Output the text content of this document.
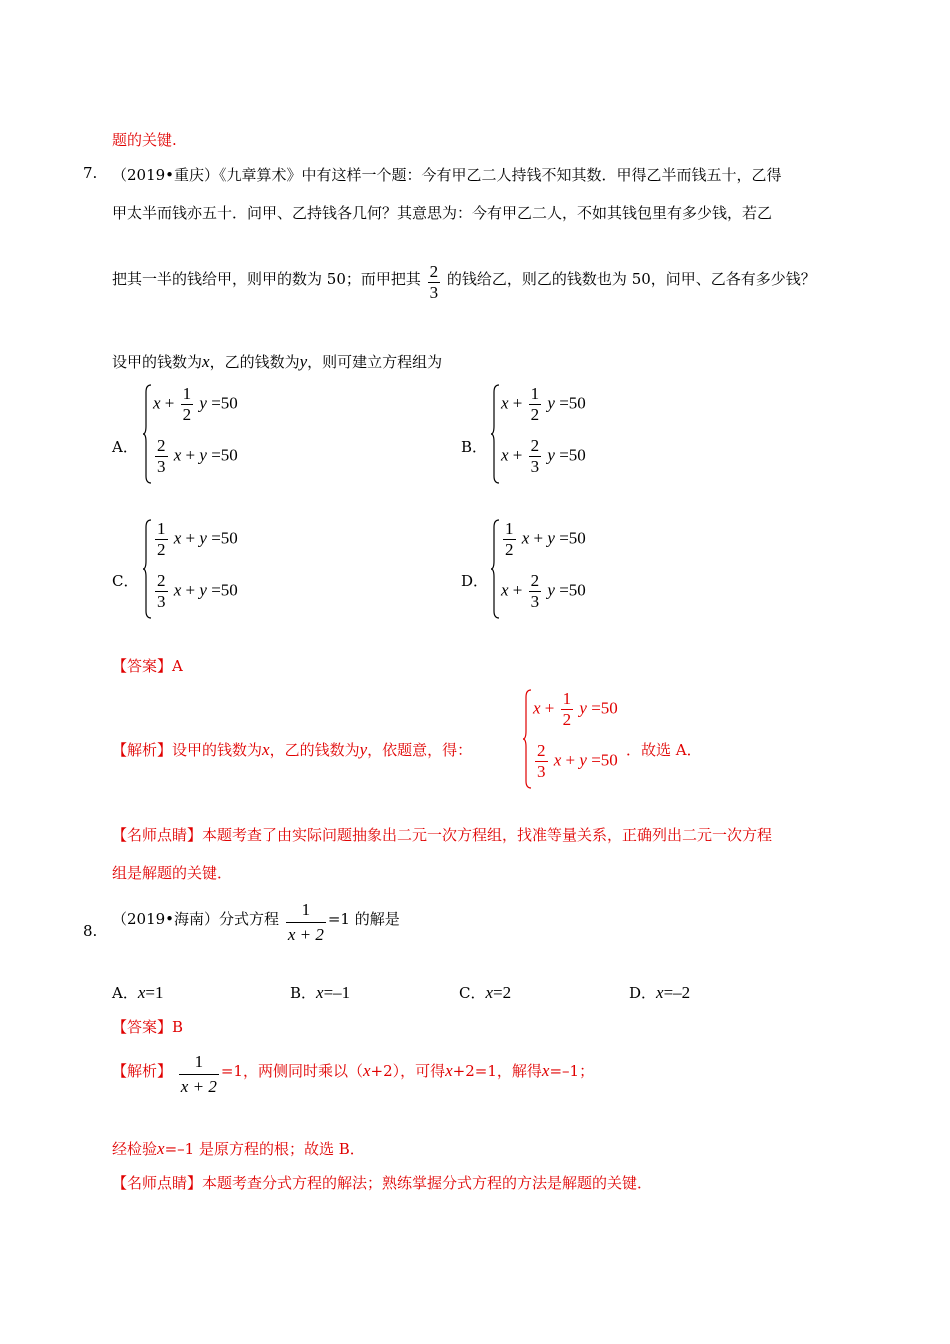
题的关键.
7. （2019•重庆）《九章算术》中有这样一个题：今有甲乙二人持钱不知其数．甲得乙半而钱五十，乙得
甲太半而钱亦五十．问甲、乙持钱各几何？其意思为：今有甲乙二人，不如其钱包里有多少钱，若乙
把其一半的钱给甲，则甲的数为 50；而甲把其 $\frac{2}{3}$ 的钱给乙，则乙的钱数也为 50，问甲、乙各有多少钱？
设甲的钱数为x，乙的钱数为y，则可建立方程组为
A．
$x + \frac{1}{2}$ y =50
$\frac{2}{3}$ x + y =50	B．
$x + \frac{1}{2}$ y =50
$x + \frac{2}{3}$ y =50
C．
$\frac{1}{2}$ x + y =50
$\frac{2}{3}$ x + y =50	D．
$\frac{1}{2}$ x + y =50
$x + \frac{2}{3}$ y =50
【答案】A
【解析】设甲的钱数为x，乙的钱数为y，依题意，得：
$x + \frac{1}{2}$ y =50
$\frac{2}{3}$ x + y =50
．故选 A．
【名师点睛】本题考查了由实际问题抽象出二元一次方程组，找准等量关系，正确列出二元一次方程
组是解题的关键．
8.
（2019•海南）分式方程 $\frac{1}{x + 2} =1$ 的解是
A．x=1	B．x=–1	C．x=2	D．x=–2
【答案】B
【解析】 $\frac{1}{x + 2} =1$，两侧同时乘以（x+2），可得x+2=1，解得x=–1；
经检验x=–1 是原方程的根；故选 B．
【名师点睛】本题考查分式方程的解法；熟练掌握分式方程的方法是解题的关键．
